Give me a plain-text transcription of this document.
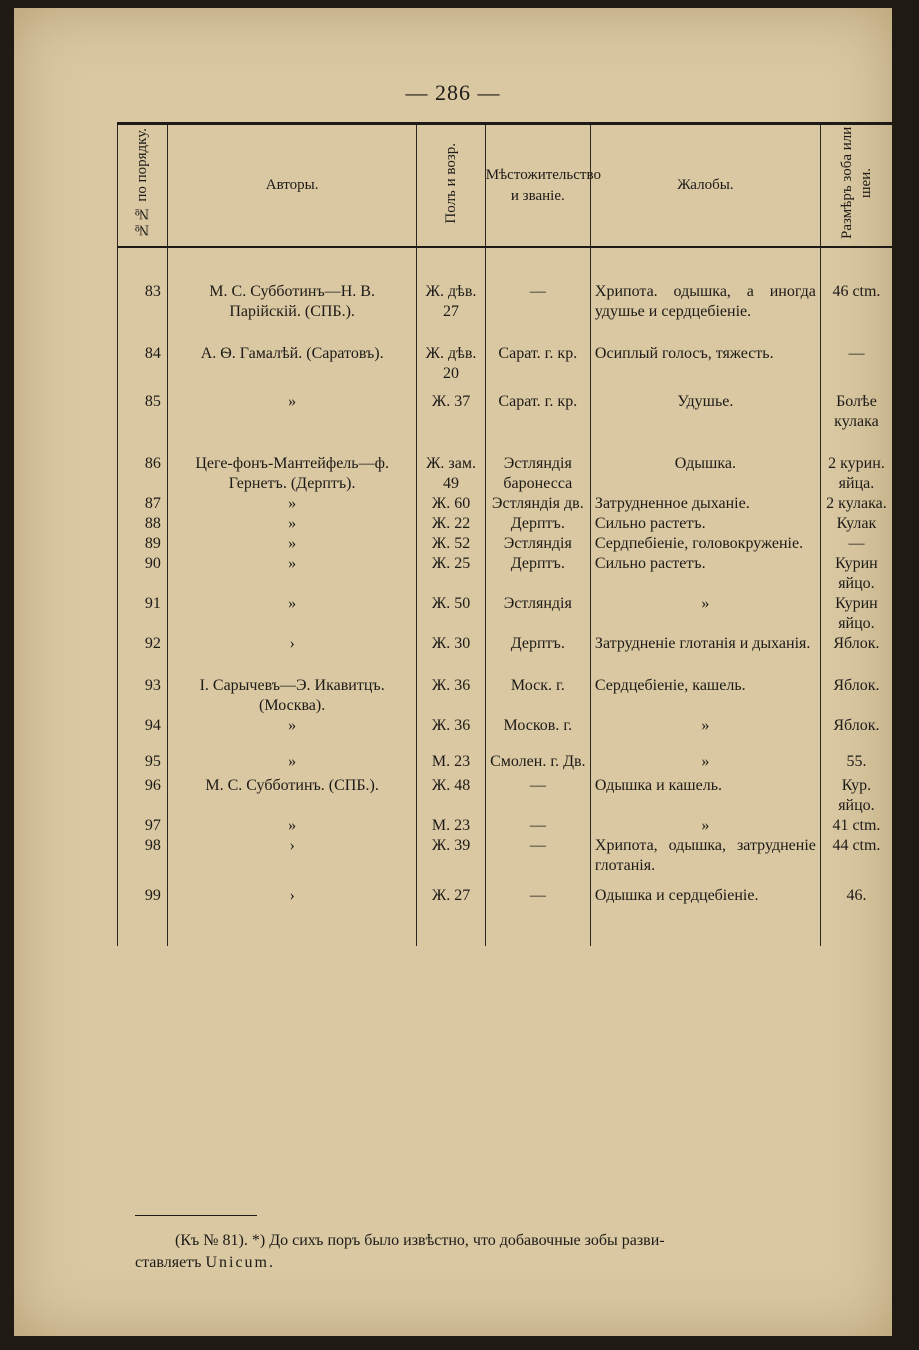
— 286 —
№№ по порядку.	Авторы.	Полъ и возр.	Мѣстожительство и званіе.	Жалобы.	Размѣръ зоба или шеи.

83	М. С. Субботинъ—Н. В. Парійскій. (СПБ.).	Ж. дѣв. 27	—	Хрипота. одышка, а иногда удушье и сердцебіеніе.	46 ctm.

84	А. Ѳ. Гамалѣй. (Саратовъ).	Ж. дѣв. 20	Сарат. г. кр.	Осиплый голосъ, тяжесть.	—

85	»	Ж. 37	Сарат. г. кр.	Удушье.	Болѣе кулака

86	Цеге-фонъ-Мантейфель—ф. Гернетъ. (Дерптъ).	Ж. зам. 49	Эстляндія баронесса	Одышка.	2 курин. яйца.
87	»	Ж. 60	Эстляндія дв.	Затрудненное дыханіе.	2 кулака.
88	»	Ж. 22	Дерптъ.	Сильно растетъ.	Кулак
89	»	Ж. 52	Эстляндія	Сердпебіеніе, головокруженіе.	—
90	»	Ж. 25	Дерптъ.	Сильно растетъ.	Курин яйцо.
91	»	Ж. 50	Эстляндія	»	Курин яйцо.
92	›	Ж. 30	Дерптъ.	Затрудненіе глотанія и дыханія.	Яблок.

93	I. Сарычевъ—Э. Икавитцъ. (Москва).	Ж. 36	Моск. г.	Сердцебіеніе, кашель.	Яблок.
94	»	Ж. 36	Москов. г.	»	Яблок.

95	»	М. 23	Смолен. г. Дв.	»	55.

96	М. С. Субботинъ. (СПБ.).	Ж. 48	—	Одышка и кашель.	Кур. яйцо.
97	»	М. 23	—	»	41 ctm.
98	›	Ж. 39	—	Хрипота, одышка, затрудненіе глотанія.	44 ctm.

99	›	Ж. 27	—	Одышка и сердцебіеніе.	46.

(Къ № 81). *) До сихъ поръ было извѣстно, что добавочные зобы разви-
ставляетъ Unicum.
